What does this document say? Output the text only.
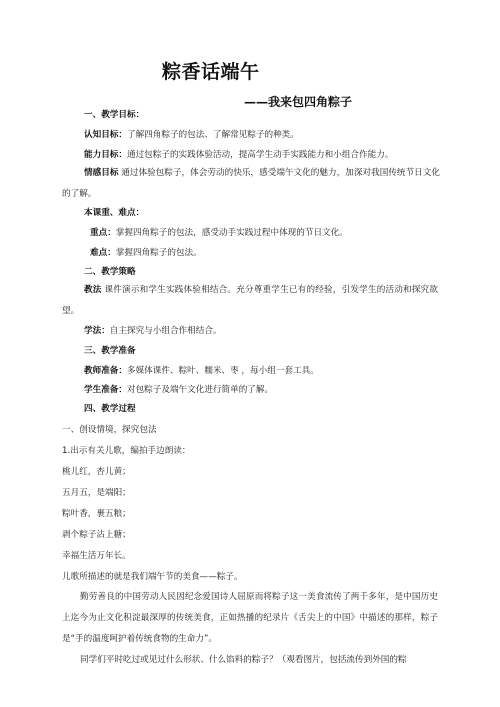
粽香话端午
——我来包四角粽子
一、教学目标：
认知目标：了解四角粽子的包法、了解常见粽子的种类。
能力目标：通过包粽子的实践体验活动，提高学生动手实践能力和小组合作能力。
情感目标 通过体验包粽子，体会劳动的快乐，感受端午文化的魅力，加深对我国传统节日文化的了解。
本课重、难点：
重点：掌握四角粽子的包法，感受动手实践过程中体现的节日文化。
难点：掌握四角粽子的包法。
二、教学策略
教法 课件演示和学生实践体验相结合。充分尊重学生已有的经验，引发学生的活动和探究欲望。
学法：自主探究与小组合作相结合。
三、教学准备
教师准备：多媒体课件、粽叶、糯米、枣 ，每小组一套工具。
学生准备：对包粽子及端午文化进行简单的了解。
四、教学过程
一、创设情境，探究包法
1.出示有关儿歌，编拍手边朗读：
桃儿红，杏儿黄；
五月五，是端阳；
粽叶香，裹五粮；
剥个粽子沾上糖；
幸福生活万年长。
儿歌所描述的就是我们端午节的美食——粽子。
勤劳善良的中国劳动人民因纪念爱国诗人屈原而将粽子这一美食流传了两千多年，是中国历史上迄今为止文化积淀最深厚的传统美食，正如热播的纪录片《舌尖上的中国》中描述的那样，粽子是“手的温度呵护着传统食物的生命力”。
同学们平时吃过或见过什么形状、什么馅料的粽子？（观看图片，包括流传到外国的粽
